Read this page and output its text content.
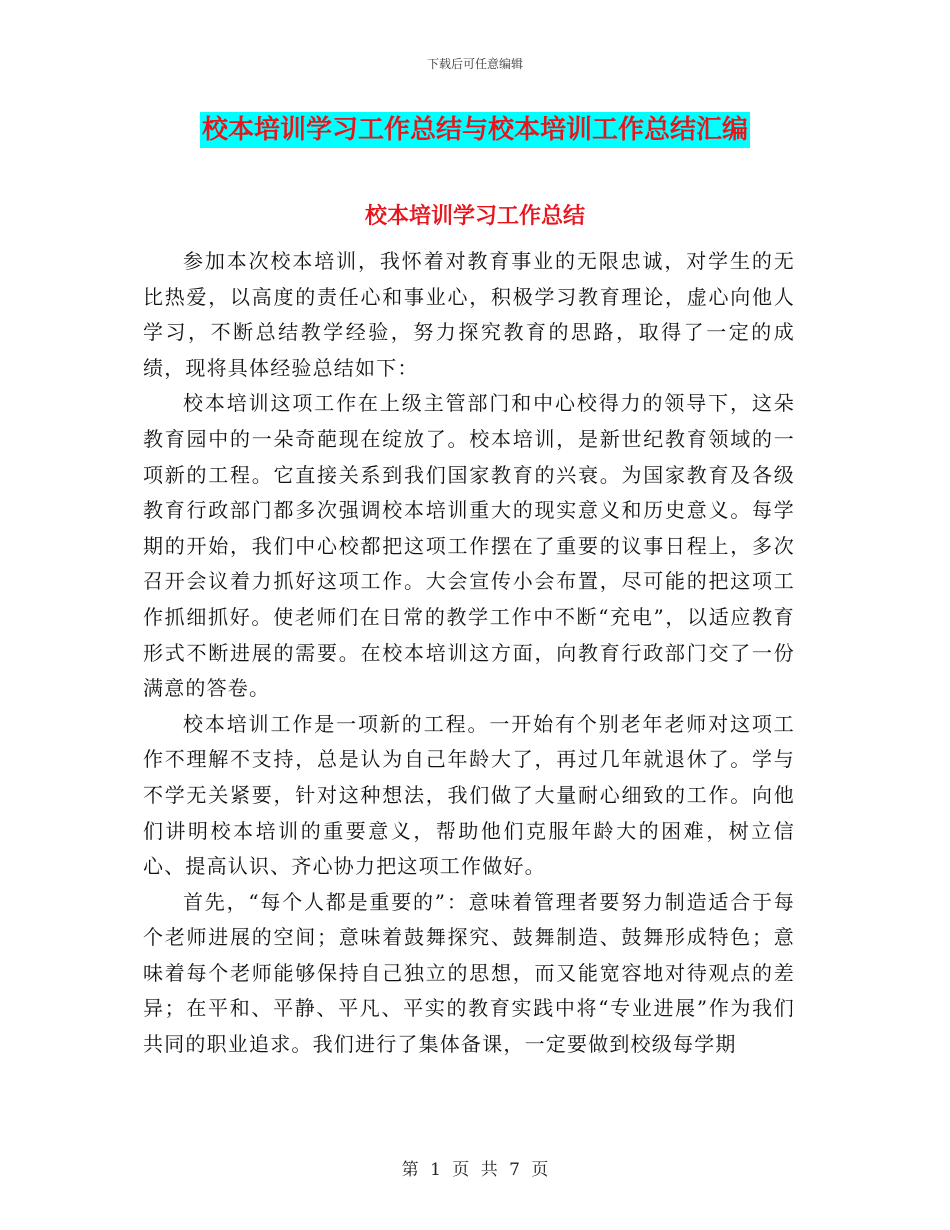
下载后可任意编辑
校本培训学习工作总结与校本培训工作总结汇编
校本培训学习工作总结

参加本次校本培训，我怀着对教育事业的无限忠诚，对学生的无比热爱，以高度的责任心和事业心，积极学习教育理论，虚心向他人学习，不断总结教学经验，努力探究教育的思路，取得了一定的成绩，现将具体经验总结如下：

校本培训这项工作在上级主管部门和中心校得力的领导下，这朵教育园中的一朵奇葩现在绽放了。校本培训，是新世纪教育领域的一项新的工程。它直接关系到我们国家教育的兴衰。为国家教育及各级教育行政部门都多次强调校本培训重大的现实意义和历史意义。每学期的开始，我们中心校都把这项工作摆在了重要的议事日程上，多次召开会议着力抓好这项工作。大会宣传小会布置，尽可能的把这项工作抓细抓好。使老师们在日常的教学工作中不断“充电”，以适应教育形式不断进展的需要。在校本培训这方面，向教育行政部门交了一份满意的答卷。

校本培训工作是一项新的工程。一开始有个别老年老师对这项工作不理解不支持，总是认为自己年龄大了，再过几年就退休了。学与不学无关紧要，针对这种想法，我们做了大量耐心细致的工作。向他们讲明校本培训的重要意义，帮助他们克服年龄大的困难，树立信心、提高认识、齐心协力把这项工作做好。

首先，“每个人都是重要的”：意味着管理者要努力制造适合于每个老师进展的空间；意味着鼓舞探究、鼓舞制造、鼓舞形成特色；意味着每个老师能够保持自己独立的思想，而又能宽容地对待观点的差异；在平和、平静、平凡、平实的教育实践中将“专业进展”作为我们共同的职业追求。我们进行了集体备课，一定要做到校级每学期

第 1 页 共 7 页
